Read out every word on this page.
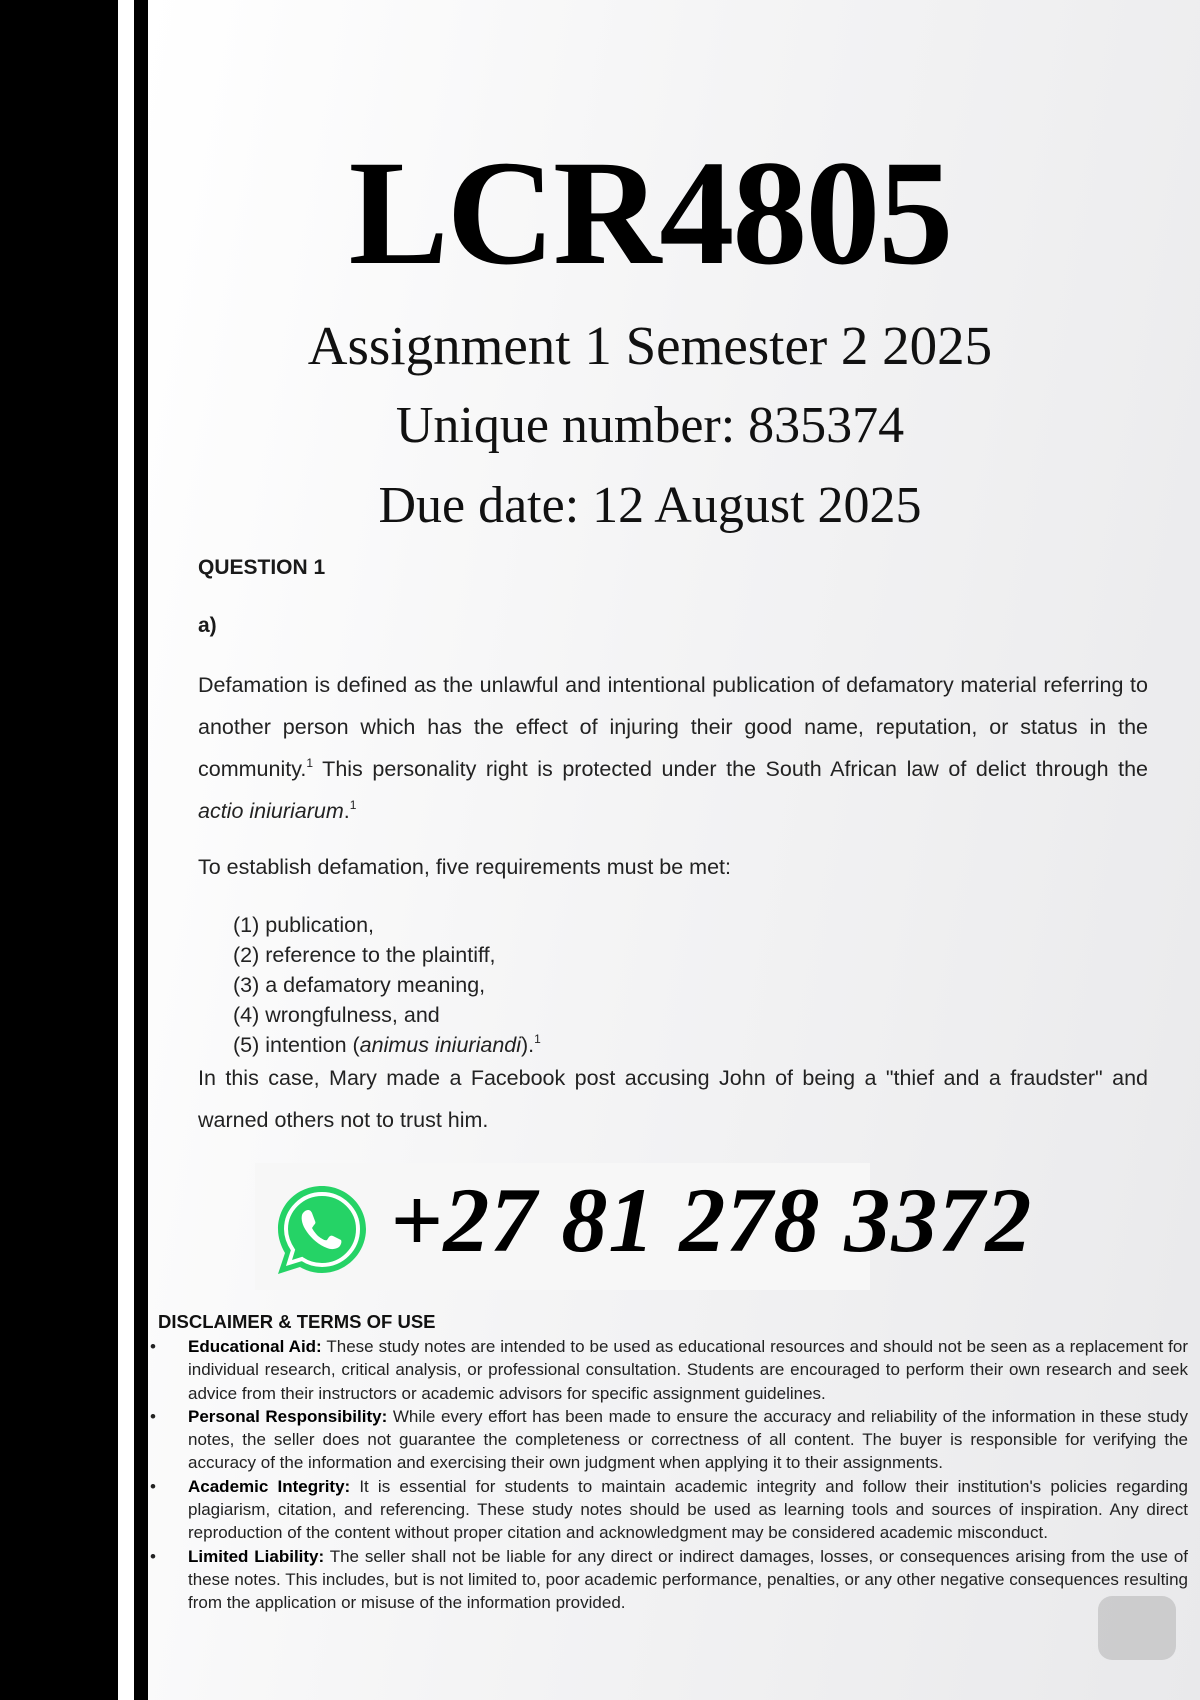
LCR4805
Assignment 1 Semester 2 2025
Unique number: 835374
Due date: 12 August 2025
QUESTION 1
a)
Defamation is defined as the unlawful and intentional publication of defamatory material referring to another person which has the effect of injuring their good name, reputation, or status in the community.$^1$ This personality right is protected under the South African law of delict through the actio iniuriarum.$^1$
To establish defamation, five requirements must be met:
(1) publication,
(2) reference to the plaintiff,
(3) a defamatory meaning,
(4) wrongfulness, and
(5) intention (animus iniuriandi).$^1$
In this case, Mary made a Facebook post accusing John of being a "thief and a fraudster" and warned others not to trust him.
+27 81 278 3372
DISCLAIMER & TERMS OF USE
• Educational Aid: These study notes are intended to be used as educational resources and should not be seen as a replacement for individual research, critical analysis, or professional consultation. Students are encouraged to perform their own research and seek advice from their instructors or academic advisors for specific assignment guidelines.
• Personal Responsibility: While every effort has been made to ensure the accuracy and reliability of the information in these study notes, the seller does not guarantee the completeness or correctness of all content. The buyer is responsible for verifying the accuracy of the information and exercising their own judgment when applying it to their assignments.
• Academic Integrity: It is essential for students to maintain academic integrity and follow their institution's policies regarding plagiarism, citation, and referencing. These study notes should be used as learning tools and sources of inspiration. Any direct reproduction of the content without proper citation and acknowledgment may be considered academic misconduct.
• Limited Liability: The seller shall not be liable for any direct or indirect damages, losses, or consequences arising from the use of these notes. This includes, but is not limited to, poor academic performance, penalties, or any other negative consequences resulting from the application or misuse of the information provided.
